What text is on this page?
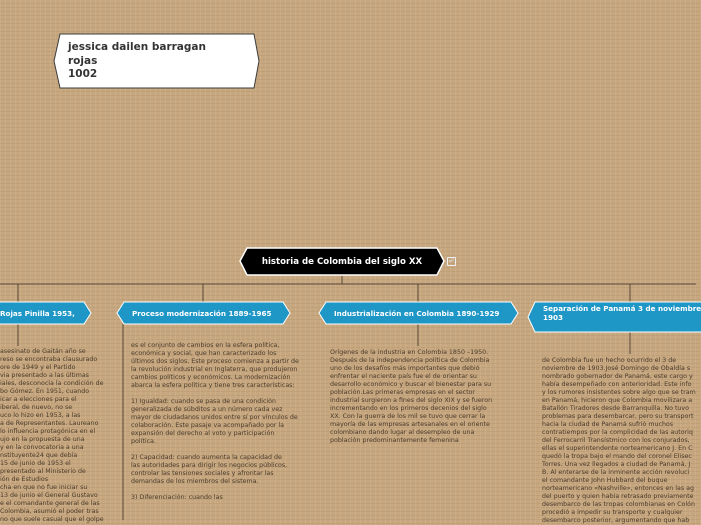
jessica dailen barragan
rojas
1002
historia de Colombia del siglo XX	☍
Rojas Pinilla 1953,	Proceso modernización 1889-1965	Industrialización en Colombia 1890-1929	Separación de Panamá 3 de noviembre
1903
asesinato de Gaitán año se
reso se encontraba clausurado
ore de 1949 y el Partido
via presentado a las últimas
iales, desconocía la condición de
bo Gómez. En 1951, cuando
icar a elecciones para el
iberal, de nuevo, no se
uco lo hizo en 1953, a las
a de Representantes. Laureano
lo influencia protagónica en el
ujo en la propuesta de una
y en la convocatoria a una
nstituyente24 que debía
15 de junio de 1953 el
presentado al Ministerio de
ión de Estudios
cha en que no fue iniciar su
13 de junio el General Gustavo
e el comandante general de las
Colombia, asumió el poder tras
no que suele casual que el golpe
es el conjunto de cambios en la esfera política,
económica y social, que han caracterizado los
últimos dos siglos. Este proceso comienza a partir de
la revolución industrial en Inglaterra, que produjeron
cambios políticos y económicos. La modernización
abarca la esfera política y tiene tres características:

1) Igualdad: cuando se pasa de una condición
generalizada de súbditos a un número cada vez
mayor de ciudadanos unidos entre sí por vínculos de
colaboración. Este pasaje va acompañado por la
expansión del derecho al voto y participación
política.

2) Capacidad: cuando aumenta la capacidad de
las autoridades para dirigir los negocios públicos,
controlar las tensiones sociales y afrontar las
demandas de los miembros del sistema.

3) Diferenciación: cuando las
Orígenes de la industria en Colombia 1850 –1950.
Después de la independencia política de Colombia
uno de los desafíos más importantes que debió
enfrentar el naciente país fue el de orientar su
desarrollo económico y buscar el bienestar para su
población.Las primeras empresas en el sector
industrial surgieron a fines del siglo XIX y se fueron
incrementando en los primeros decenios del siglo
XX. Con la guerra de los mil se tuvo que cerrar la
mayoría de las empresas artesanales en el oriente
colombiano dando lugar al desempleo de una
población predominantemente femenina
de Colombia fue un hecho ocurrido el 3 de
noviembre de 1903.José Domingo de Obaldía s
nombrado gobernador de Panamá, este cargo y
había desempeñado con anterioridad. Este info
y los rumores insistentes sobre algo que se tram
en Panamá, hicieron que Colombia movilizara a
Batallón Tiradores desde Barranquilla. No tuvo
problemas para desembarcar, pero su transport
hacia la ciudad de Panamá sufrió muchos
contratiempos por la complicidad de las autoriq
del Ferrocarril Transístmico con los conjurados,
ellas el superintendente norteamericano J. En C
quedó la tropa bajo el mando del coronel Elisec
Torres. Una vez llegados a ciudad de Panamá, J
B. Al enterarse de la inminente acción revoluci
el comandante John Hubbard del buque
norteamericano «Nashville», entonces en las ag
del puerto y quien había retrasado previamente
desembarco de las tropas colombianas en Colón
procedió a impedir su transporte y cualquier
desembarco posterior, argumentando que hab
